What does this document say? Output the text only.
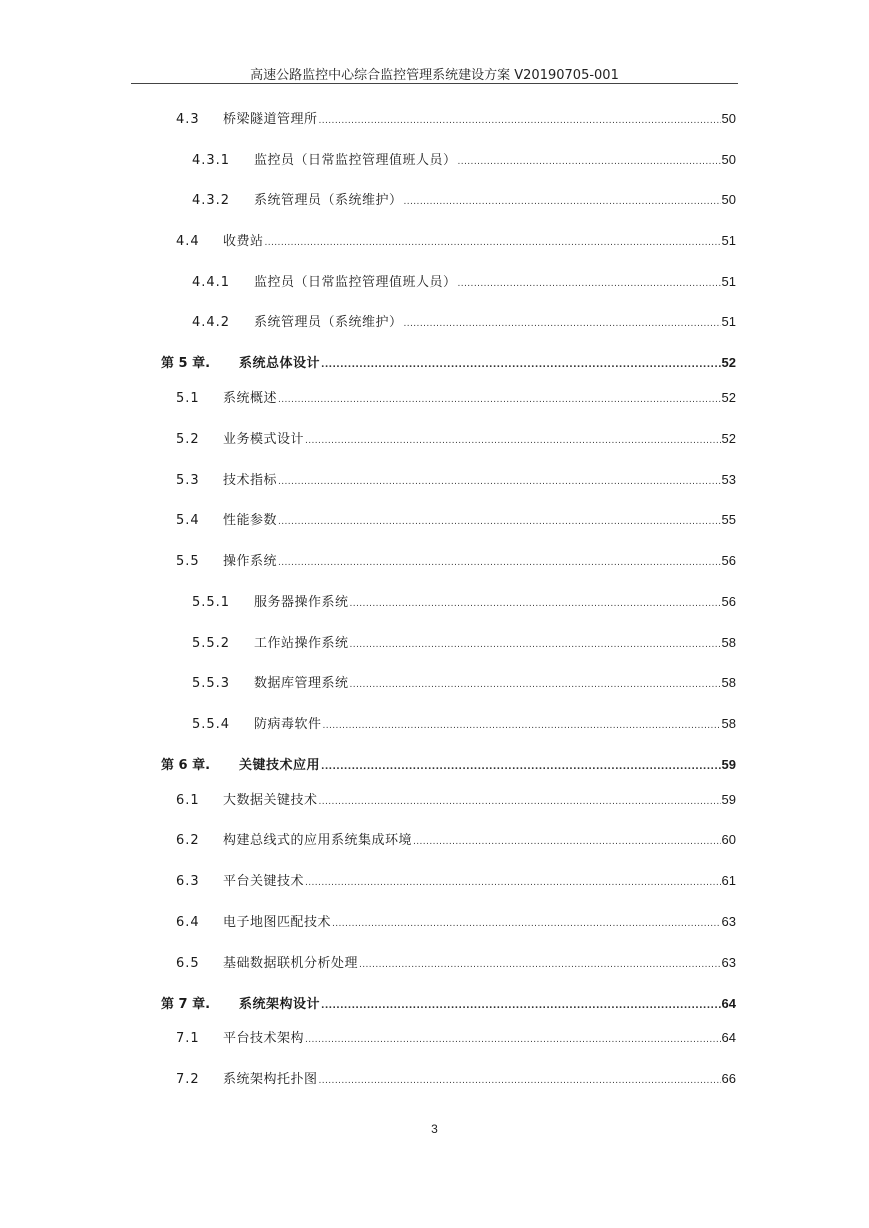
高速公路监控中心综合监控管理系统建设方案 V20190705-001
4.3	桥梁隧道管理所 .....	50
4.3.1	监控员（日常监控管理值班人员） .....	50
4.3.2	系统管理员（系统维护） .....	50
4.4	收费站 .....	51
4.4.1	监控员（日常监控管理值班人员） .....	51
4.4.2	系统管理员（系统维护） .....	51
第 5 章.	系统总体设计 .....	52
5.1	系统概述 .....	52
5.2	业务模式设计 .....	52
5.3	技术指标 .....	53
5.4	性能参数 .....	55
5.5	操作系统 .....	56
5.5.1	服务器操作系统 .....	56
5.5.2	工作站操作系统 .....	58
5.5.3	数据库管理系统 .....	58
5.5.4	防病毒软件 .....	58
第 6 章.	关键技术应用 .....	59
6.1	大数据关键技术 .....	59
6.2	构建总线式的应用系统集成环境 .....	60
6.3	平台关键技术 .....	61
6.4	电子地图匹配技术 .....	63
6.5	基础数据联机分析处理 .....	63
第 7 章.	系统架构设计 .....	64
7.1	平台技术架构 .....	64
7.2	系统架构托扑图 .....	66
3
